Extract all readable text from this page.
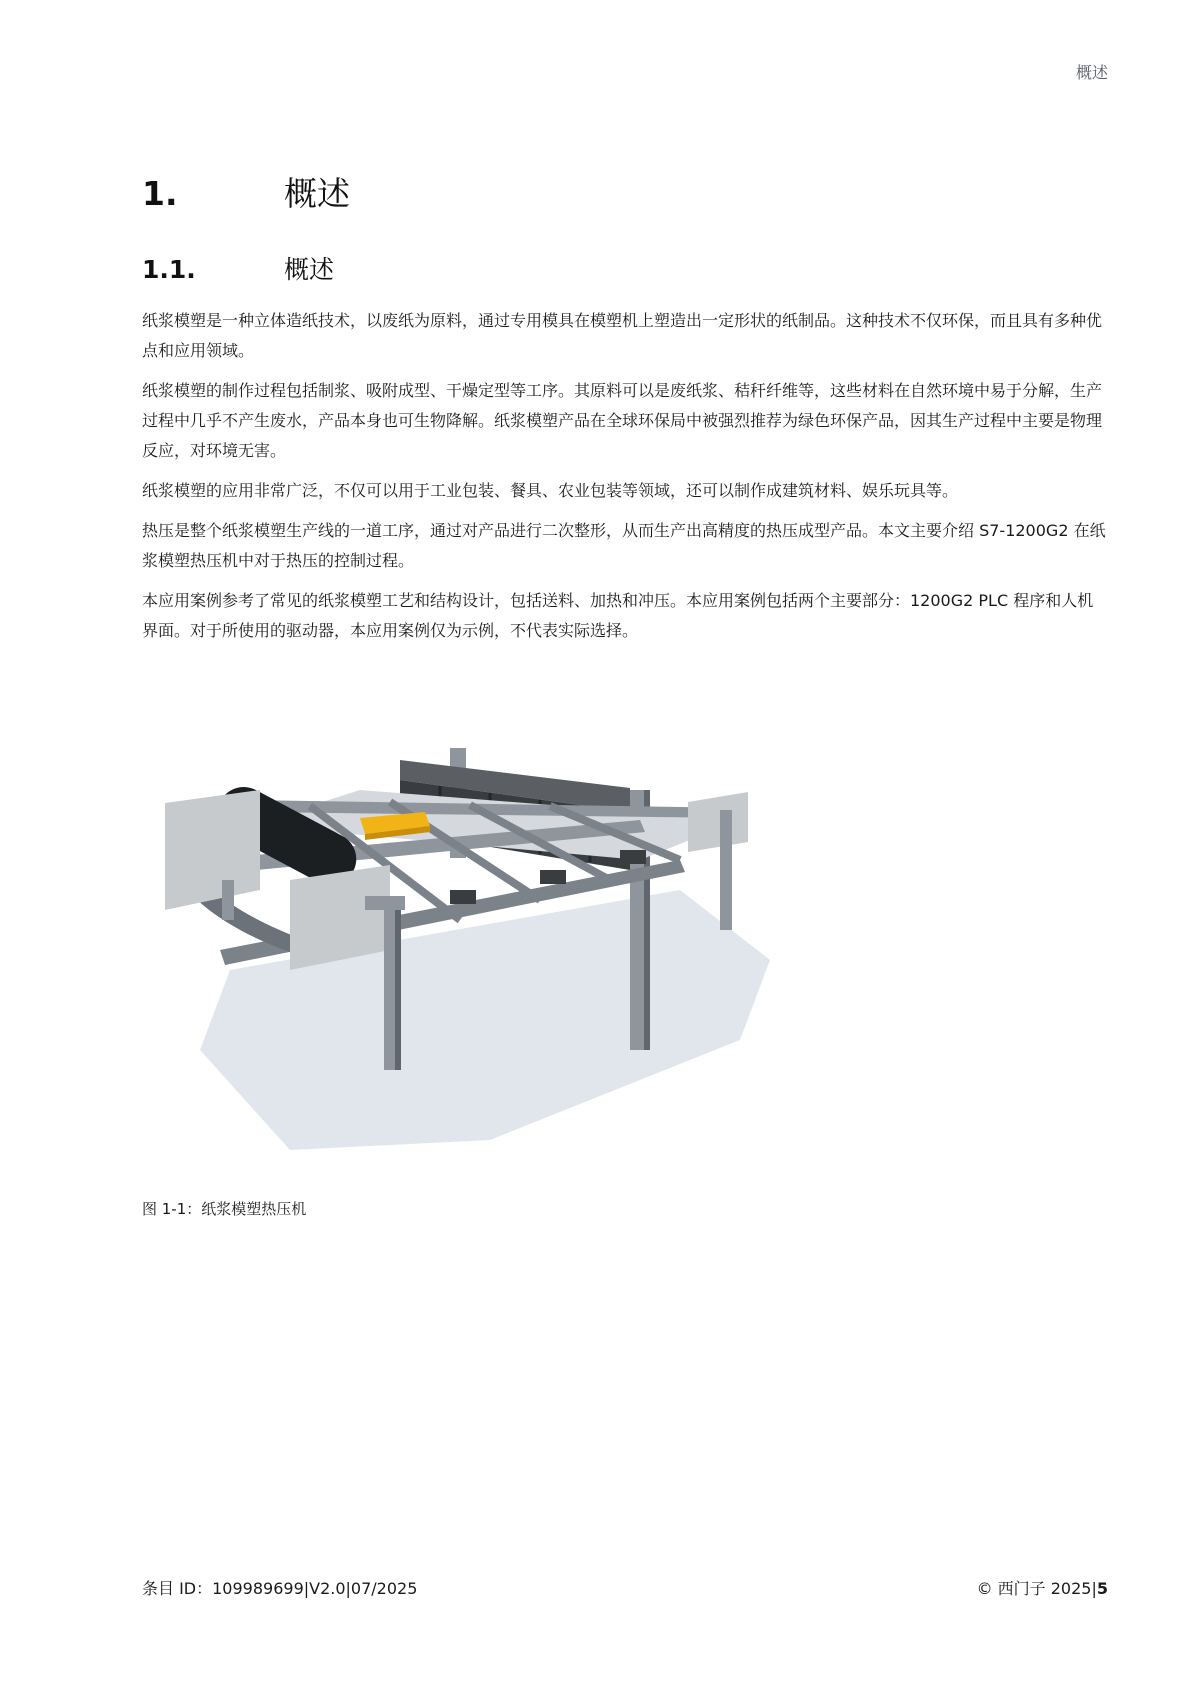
概述
1.	概述
1.1.	概述

纸浆模塑是一种立体造纸技术，以废纸为原料，通过专用模具在模塑机上塑造出一定形状的纸制品。这种技术不仅环保，而且具有多种优点和应用领域。

纸浆模塑的制作过程包括制浆、吸附成型、干燥定型等工序。其原料可以是废纸浆、秸秆纤维等，这些材料在自然环境中易于分解，生产过程中几乎不产生废水，产品本身也可生物降解。纸浆模塑产品在全球环保局中被强烈推荐为绿色环保产品，因其生产过程中主要是物理反应，对环境无害。

纸浆模塑的应用非常广泛，不仅可以用于工业包装、餐具、农业包装等领域，还可以制作成建筑材料、娱乐玩具等。

热压是整个纸浆模塑生产线的一道工序，通过对产品进行二次整形，从而生产出高精度的热压成型产品。本文主要介绍 S7-1200G2 在纸浆模塑热压机中对于热压的控制过程。

本应用案例参考了常见的纸浆模塑工艺和结构设计，包括送料、加热和冲压。本应用案例包括两个主要部分：1200G2 PLC 程序和人机界面。对于所使用的驱动器，本应用案例仅为示例，不代表实际选择。

图 1-1：纸浆模塑热压机
条目 ID：109989699|V2.0|07/2025	© 西门子 2025|5
